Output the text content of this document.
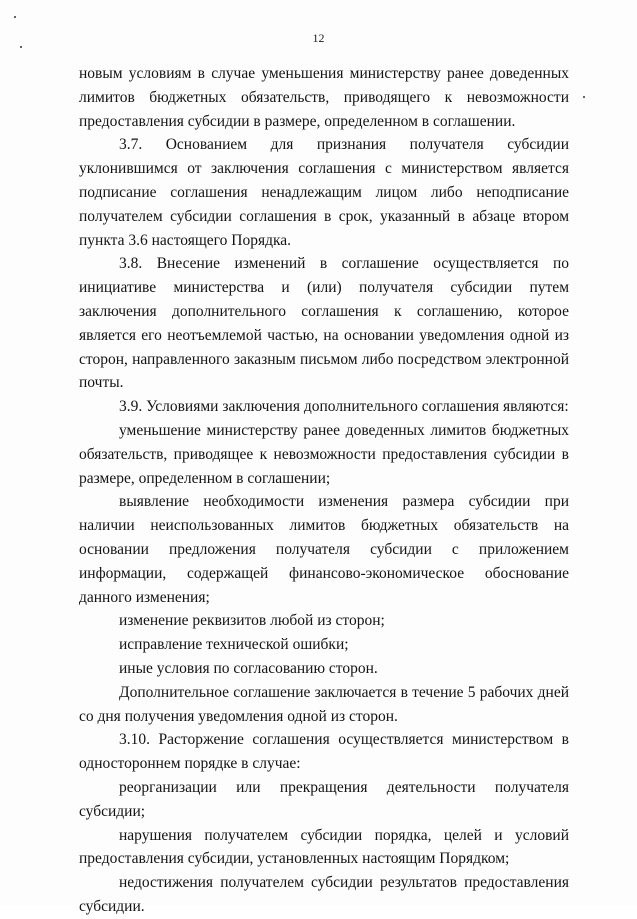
12

новым условиям в случае уменьшения министерству ранее доведенных лимитов бюджетных обязательств, приводящего к невозможности предоставления субсидии в размере, определенном в соглашении.

3.7. Основанием для признания получателя субсидии уклонившимся от заключения соглашения с министерством является подписание соглашения ненадлежащим лицом либо неподписание получателем субсидии соглашения в срок, указанный в абзаце втором пункта 3.6 настоящего Порядка.

3.8. Внесение изменений в соглашение осуществляется по инициативе министерства и (или) получателя субсидии путем заключения дополнительного соглашения к соглашению, которое является его неотъемлемой частью, на основании уведомления одной из сторон, направленного заказным письмом либо посредством электронной почты.

3.9. Условиями заключения дополнительного соглашения являются:

уменьшение министерству ранее доведенных лимитов бюджетных обязательств, приводящее к невозможности предоставления субсидии в размере, определенном в соглашении;

выявление необходимости изменения размера субсидии при наличии неиспользованных лимитов бюджетных обязательств на основании предложения получателя субсидии с приложением информации, содержащей финансово-экономическое обоснование данного изменения;

изменение реквизитов любой из сторон;

исправление технической ошибки;

иные условия по согласованию сторон.

Дополнительное соглашение заключается в течение 5 рабочих дней со дня получения уведомления одной из сторон.

3.10. Расторжение соглашения осуществляется министерством в одностороннем порядке в случае:

реорганизации или прекращения деятельности получателя субсидии;

нарушения получателем субсидии порядка, целей и условий предоставления субсидии, установленных настоящим Порядком;

недостижения получателем субсидии результатов предоставления субсидии.
